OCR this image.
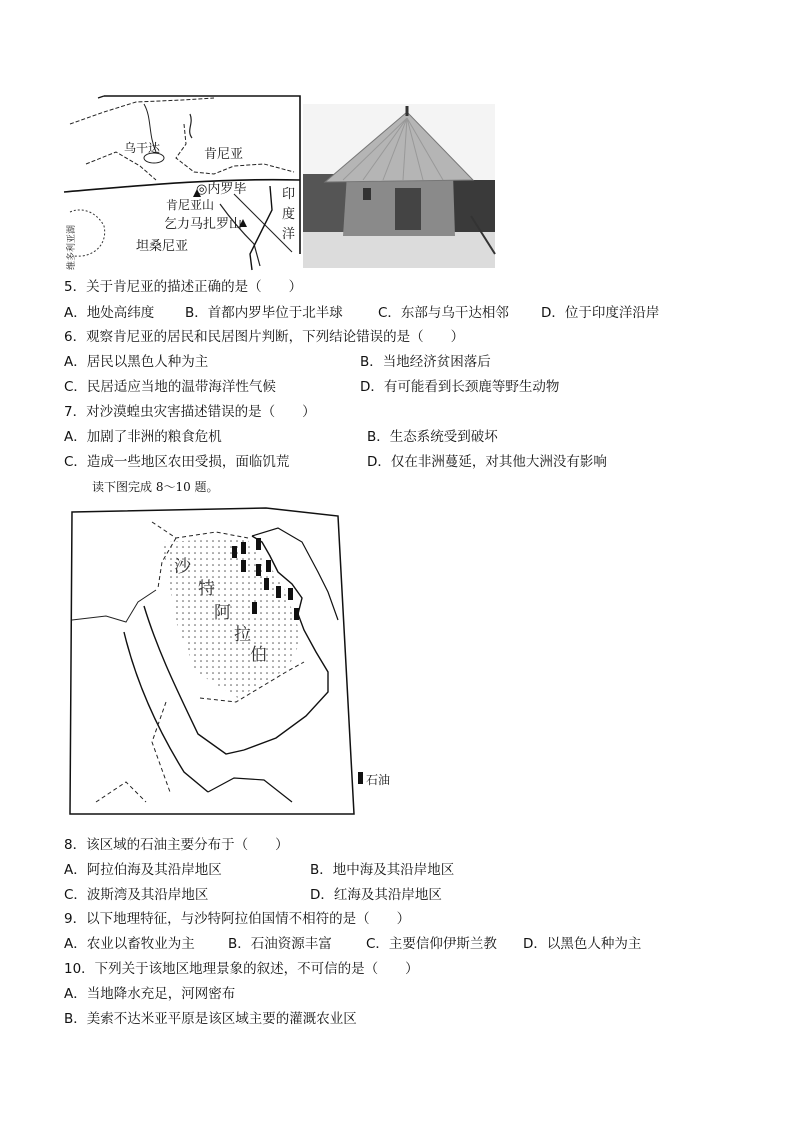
乌干达	肯尼亚
◎内罗毕
肯尼亚山
乞力马扎罗山
坦桑尼亚
印
度
洋
维多利亚湖
5．关于肯尼亚的描述正确的是（　　）
A．地处高纬度 B．首都内罗毕位于北半球	C．东部与乌干达相邻 D．位于印度洋沿岸
6．观察肯尼亚的居民和民居图片判断，下列结论错误的是（　　）
A．居民以黑色人种为主	B．当地经济贫困落后
C．民居适应当地的温带海洋性气候	D．有可能看到长颈鹿等野生动物
7．对沙漠蝗虫灾害描述错误的是（　　）
A．加剧了非洲的粮食危机	B．生态系统受到破坏
C．造成一些地区农田受损，面临饥荒	D．仅在非洲蔓延，对其他大洲没有影响
读下图完成 8～10 题。
沙
特
阿
拉
伯
石油
8．该区域的石油主要分布于（　　）
A．阿拉伯海及其沿岸地区	B．地中海及其沿岸地区
C．波斯湾及其沿岸地区	D．红海及其沿岸地区
9．以下地理特征，与沙特阿拉伯国情不相符的是（　　）
A．农业以畜牧业为主 B．石油资源丰富	C．主要信仰伊斯兰教 D．以黑色人种为主
10．下列关于该地区地理景象的叙述，不可信的是（　　）
A．当地降水充足，河网密布
B．美索不达米亚平原是该区域主要的灌溉农业区
